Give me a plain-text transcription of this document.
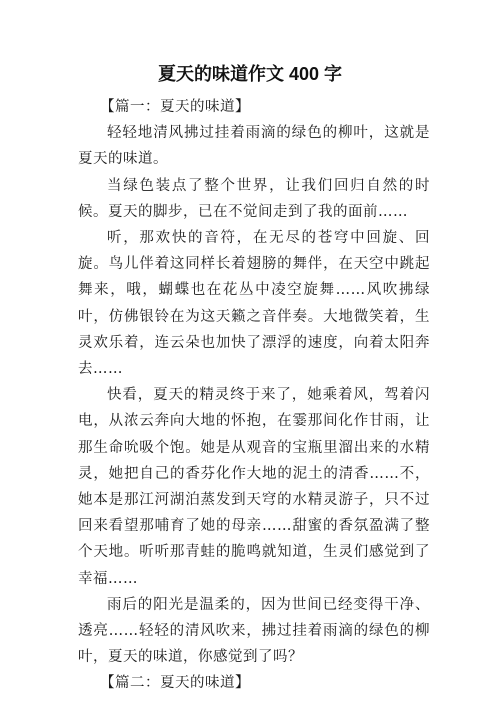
夏天的味道作文 400 字

【篇一：夏天的味道】

轻轻地清风拂过挂着雨滴的绿色的柳叶，这就是夏天的味道。

当绿色装点了整个世界，让我们回归自然的时候。夏天的脚步，已在不觉间走到了我的面前……

听，那欢快的音符，在无尽的苍穹中回旋、回旋。鸟儿伴着这同样长着翅膀的舞伴，在天空中跳起舞来，哦，蝴蝶也在花丛中凌空旋舞……风吹拂绿叶，仿佛银铃在为这天籁之音伴奏。大地微笑着，生灵欢乐着，连云朵也加快了漂浮的速度，向着太阳奔去……

快看，夏天的精灵终于来了，她乘着风，驾着闪电，从浓云奔向大地的怀抱，在霎那间化作甘雨，让那生命吮吸个饱。她是从观音的宝瓶里溜出来的水精灵，她把自己的香芬化作大地的泥土的清香……不，她本是那江河湖泊蒸发到天穹的水精灵游子，只不过回来看望那哺育了她的母亲……甜蜜的香氛盈满了整个天地。听听那青蛙的脆鸣就知道，生灵们感觉到了幸福……

雨后的阳光是温柔的，因为世间已经变得干净、透亮……轻轻的清风吹来，拂过挂着雨滴的绿色的柳叶，夏天的味道，你感觉到了吗？

【篇二：夏天的味道】
